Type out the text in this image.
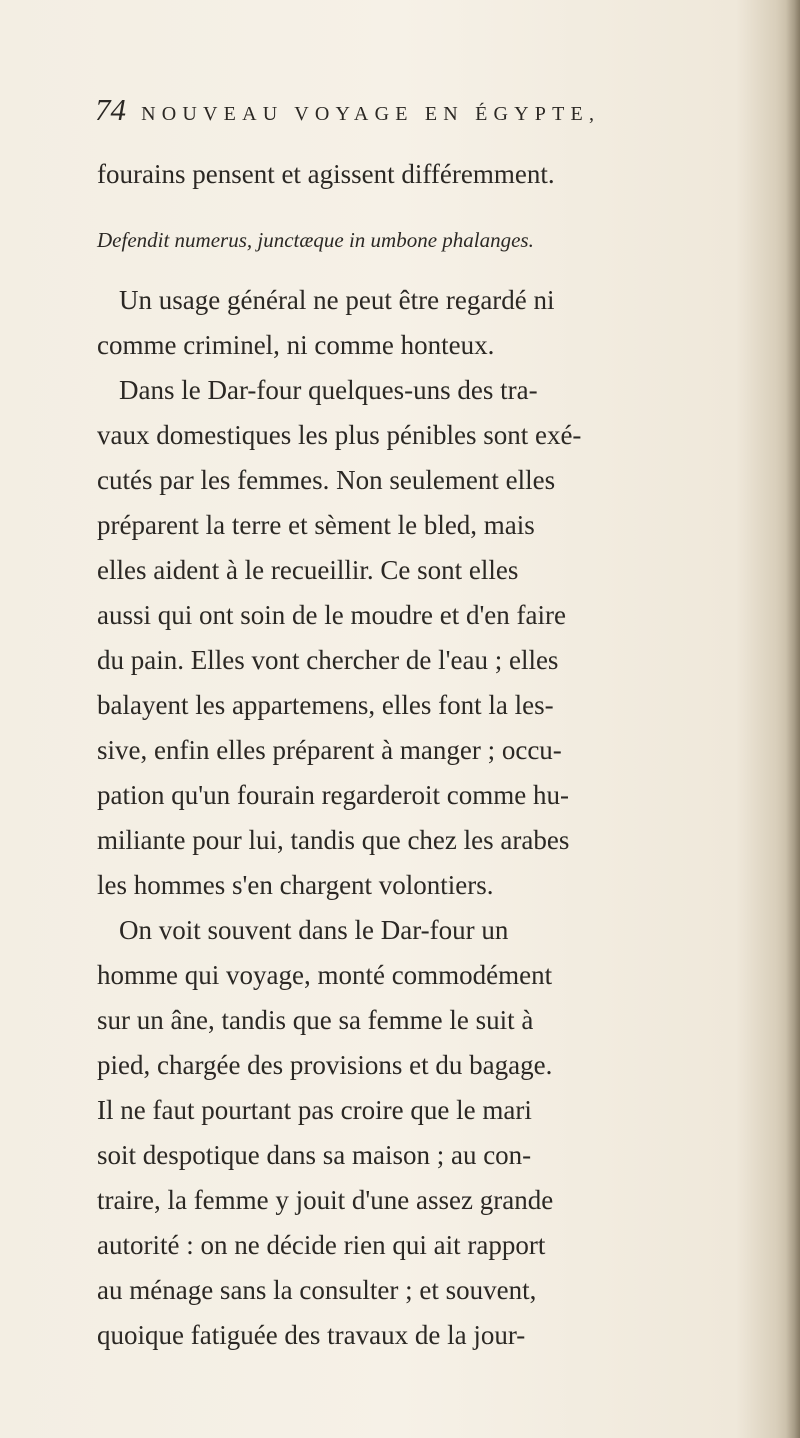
74 NOUVEAU VOYAGE EN ÉGYPTE,
fourains pensent et agissent différemment.
Defendit numerus, junctæque in umbone phalanges.
Un usage général ne peut être regardé ni
comme criminel, ni comme honteux.
Dans le Dar-four quelques-uns des tra-
vaux domestiques les plus pénibles sont exé-
cutés par les femmes. Non seulement elles
préparent la terre et sèment le bled, mais
elles aident à le recueillir. Ce sont elles
aussi qui ont soin de le moudre et d'en faire
du pain. Elles vont chercher de l'eau ; elles
balayent les appartemens, elles font la les-
sive, enfin elles préparent à manger ; occu-
pation qu'un fourain regarderoit comme hu-
miliante pour lui, tandis que chez les arabes
les hommes s'en chargent volontiers.
On voit souvent dans le Dar-four un
homme qui voyage, monté commodément
sur un âne, tandis que sa femme le suit à
pied, chargée des provisions et du bagage.
Il ne faut pourtant pas croire que le mari
soit despotique dans sa maison ; au con-
traire, la femme y jouit d'une assez grande
autorité : on ne décide rien qui ait rapport
au ménage sans la consulter ; et souvent,
quoique fatiguée des travaux de la jour-
